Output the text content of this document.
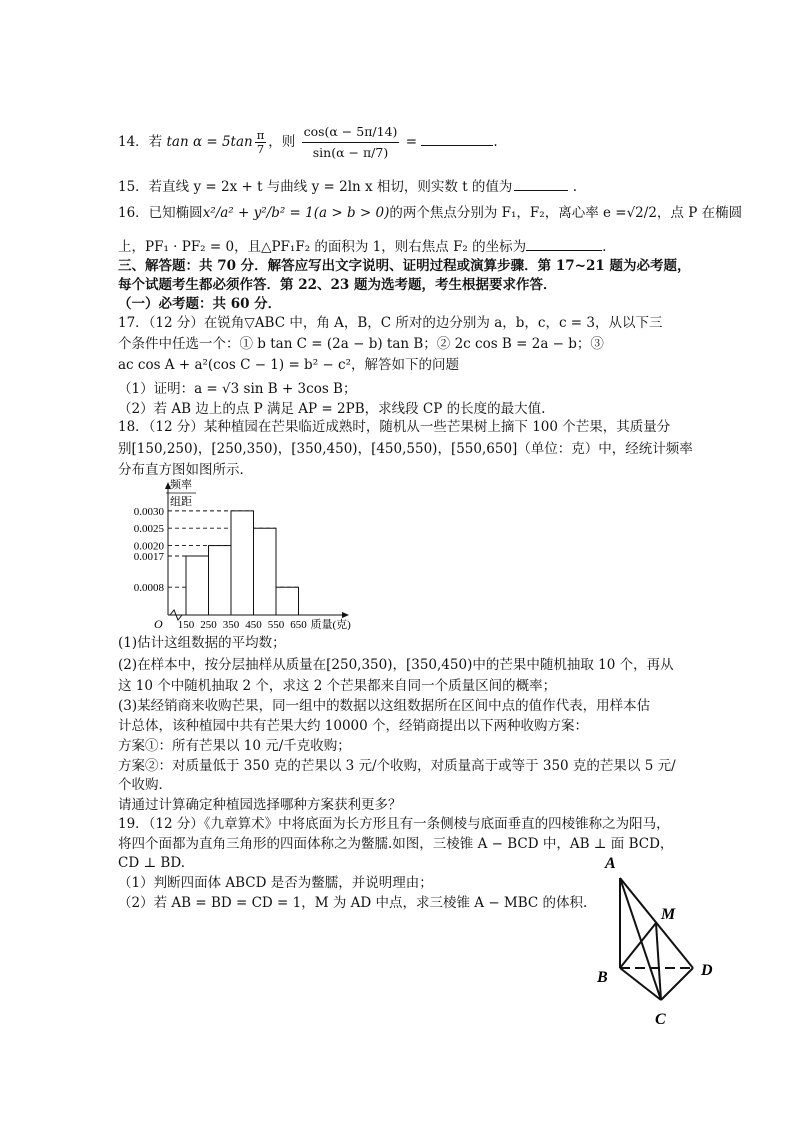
14．若 $\tan \alpha = 5\tan \frac{\pi}{7}$ ，则 $\frac{\cos(\alpha - 5\pi/14)}{\sin(\alpha - \pi/7)}$ =	.
15．若直线 y = 2x + t 与曲线 y = 2ln x 相切，则实数 t 的值为	.
16．已知椭圆x²/a² + y²/b² = 1(a > b > 0)的两个焦点分别为 F₁，F₂，离心率 e =√2/2，点 P 在椭圆
上，PF₁ · PF₂ = 0，且△PF₁F₂ 的面积为 1，则右焦点 F₂ 的坐标为	.
三、解答题：共 70 分．解答应写出文字说明、证明过程或演算步骤．第 17~21 题为必考题，
每个试题考生都必须作答．第 22、23 题为选考题，考生根据要求作答．
（一）必考题：共 60 分．
17．（12 分）在锐角▽ABC 中，角 A，B，C 所对的边分别为 a，b，c，c = 3，从以下三
个条件中任选一个：① b tan C = (2a − b) tan B；② 2c cos B = 2a − b；③
ac cos A + a²(cos C − 1) = b² − c²，解答如下的问题
（1）证明：a = √3 sin B + 3cos B；
（2）若 AB 边上的点 P 满足 AP = 2PB，求线段 CP 的长度的最大值.
18．（12 分）某种植园在芒果临近成熟时，随机从一些芒果树上摘下 100 个芒果，其质量分
别[150,250)，[250,350)，[350,450)，[450,550)，[550,650]（单位：克）中，经统计频率
分布直方图如图所示．
频率
组距
0.0030
0.0025
0.0020
0.0017
0.0008
150 250 350 450 550 650 质量(克)
O
(1)估计这组数据的平均数；
(2)在样本中，按分层抽样从质量在[250,350)，[350,450)中的芒果中随机抽取 10 个，再从
这 10 个中随机抽取 2 个，求这 2 个芒果都来自同一个质量区间的概率；
(3)某经销商来收购芒果，同一组中的数据以这组数据所在区间中点的值作代表，用样本估
计总体，该种植园中共有芒果大约 10000 个，经销商提出以下两种收购方案：
方案①：所有芒果以 10 元/千克收购；
方案②：对质量低于 350 克的芒果以 3 元/个收购，对质量高于或等于 350 克的芒果以 5 元/
个收购．
请通过计算确定种植园选择哪种方案获利更多？
19．（12 分）《九章算术》中将底面为长方形且有一条侧棱与底面垂直的四棱锥称之为阳马，
将四个面都为直角三角形的四面体称之为鳖臑.如图，三棱锥 A − BCD 中，AB ⊥ 面 BCD，
CD ⊥ BD.
（1）判断四面体 ABCD 是否为鳖臑，并说明理由；
（2）若 AB = BD = CD = 1，M 为 AD 中点，求三棱锥 A − MBC 的体积.
A
B
C
D
M
